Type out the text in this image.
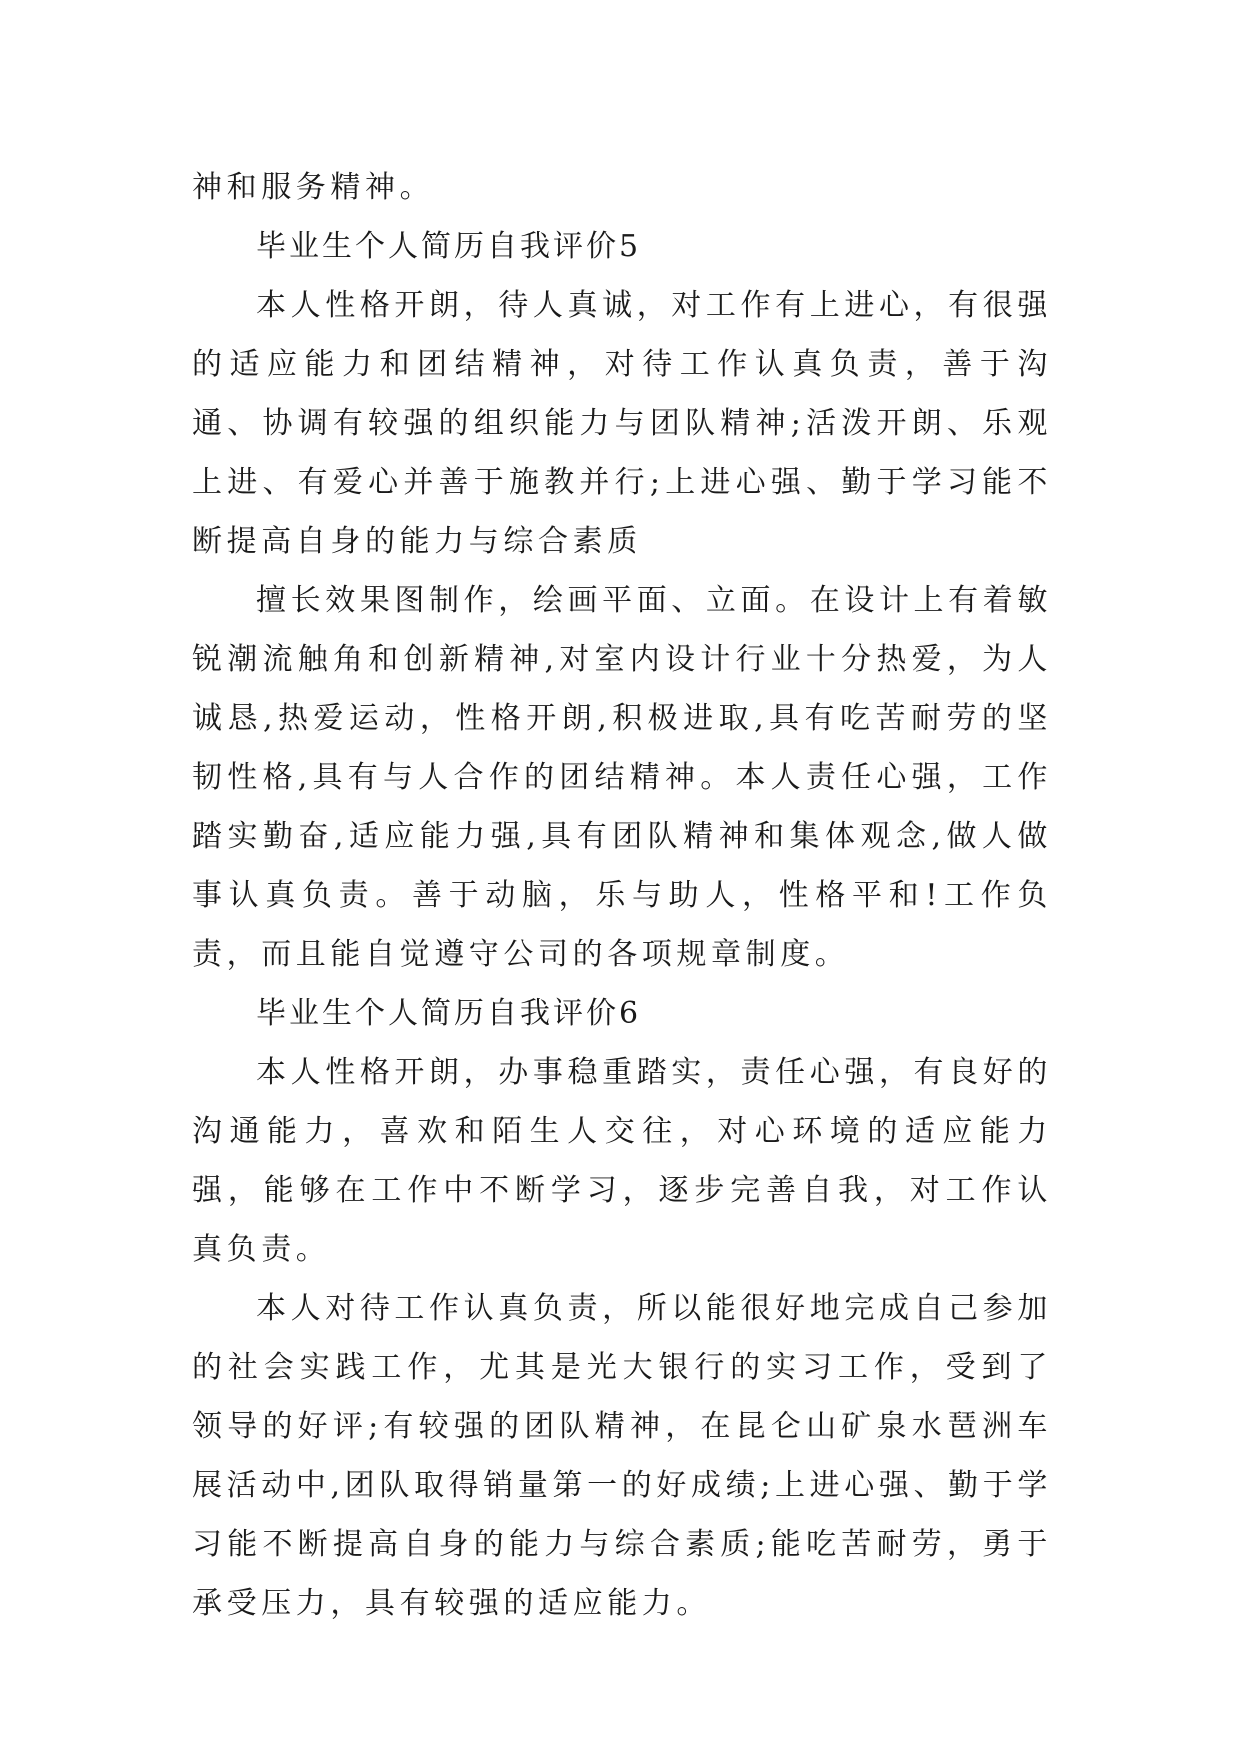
神和服务精神。

毕业生个人简历自我评价5

本人性格开朗，待人真诚，对工作有上进心，有很强的适应能力和团结精神，对待工作认真负责，善于沟通、协调有较强的组织能力与团队精神;活泼开朗、乐观上进、有爱心并善于施教并行;上进心强、勤于学习能不断提高自身的能力与综合素质

擅长效果图制作，绘画平面、立面。在设计上有着敏锐潮流触角和创新精神,对室内设计行业十分热爱，为人诚恳,热爱运动，性格开朗,积极进取,具有吃苦耐劳的坚韧性格,具有与人合作的团结精神。本人责任心强，工作踏实勤奋,适应能力强,具有团队精神和集体观念,做人做事认真负责。善于动脑，乐与助人，性格平和!工作负责，而且能自觉遵守公司的各项规章制度。

毕业生个人简历自我评价6

本人性格开朗，办事稳重踏实，责任心强，有良好的沟通能力，喜欢和陌生人交往，对心环境的适应能力强，能够在工作中不断学习，逐步完善自我，对工作认真负责。

本人对待工作认真负责，所以能很好地完成自己参加的社会实践工作，尤其是光大银行的实习工作，受到了领导的好评;有较强的团队精神，在昆仑山矿泉水琶洲车展活动中,团队取得销量第一的好成绩;上进心强、勤于学习能不断提高自身的能力与综合素质;能吃苦耐劳，勇于承受压力，具有较强的适应能力。
